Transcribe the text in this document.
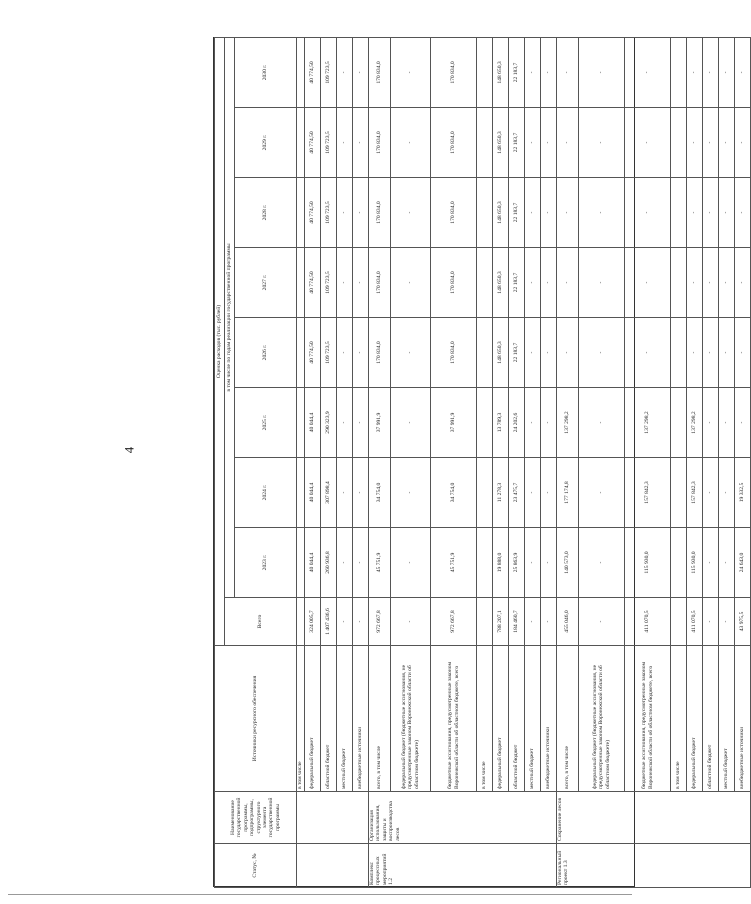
4
Статус, №	Наименование государственной программы, подпрограммы, структурного элемента государственной программы	Источники ресурсного обеспечения	Оценка расходов (тыс. рублей)								
			Всего	в том числе по годам реализации государственной программы							
				2023 г.	2024 г.	2025 г.	2026 г.	2027 г.	2028 г.	2029 г.	2030 г.
		в том числе									
		федеральный бюджет	324 005,7	40 044,4	40 044,4	40 044,4	40 774,50	40 774,50	40 774,50	40 774,50	40 774,50
		областной бюджет	1 407 436,6	260 936,8	307 898,4	290 323,9	109 723,5	109 723,5	109 723,5	109 723,5	109 723,5
		местный бюджет	-	-	-	-	-	-	-	-	-
		внебюджетные источники	-	-	-	-	-	-	-	-	-
Комплекс процессных мероприятий 1.2	Организация использования, защиты и воспроизводства лесов	всего, в том числе	972 667,8	45 751,9	34 754,0	37 991,9	170 834,0	170 834,0	170 834,0	170 834,0	170 834,0
		федеральный бюджет (бюджетные ассигнования, не предусмотренные законом Воронежской области об областном бюджете)	-	-	-	-	-	-	-	-	-
		бюджетные ассигнования, предусмотренные законом Воронежской области об областном бюджете, всего	972 667,8	45 751,9	34 754,0	37 991,9	170 834,0	170 834,0	170 834,0	170 834,0	170 834,0
		в том числе									
		федеральный бюджет	788 207,1	19 888,0	11 278,3	13 789,3	148 650,3	148 650,3	148 650,3	148 650,3	148 650,3
		областной бюджет	184 460,7	25 863,9	23 475,7	24 202,6	22 183,7	22 183,7	22 183,7	22 183,7	22 183,7
		местный бюджет	-	-	-	-	-	-	-	-	-
		внебюджетные источники	-	-	-	-	-	-	-	-	-
Региональный проект 1.3	Сохранение лесов	всего, в том числе	455 046,0	140 573,0	177 174,8	137 298,2	-	-	-	-	-
		федеральный бюджет (бюджетные ассигнования, не предусмотренные законом Воронежской области об областном бюджете)	-	-	-	-	-	-	-	-	-
		бюджетные ассигнования, предусмотренные законом Воронежской области об областном бюджете, всего	411 070,5	115 930,0	157 842,3	137 298,2	-	-	-	-	-
		в том числе									
		федеральный бюджет	411 070,5	115 930,0	157 842,3	137 298,2	-	-	-	-	-
		областной бюджет	-	-	-	-	-	-	-	-	-
		местный бюджет	-	-	-	-	-	-	-	-	-
		внебюджетные источники	43 975,5	24 643,0	19 332,5	-	-	-	-	-	-
